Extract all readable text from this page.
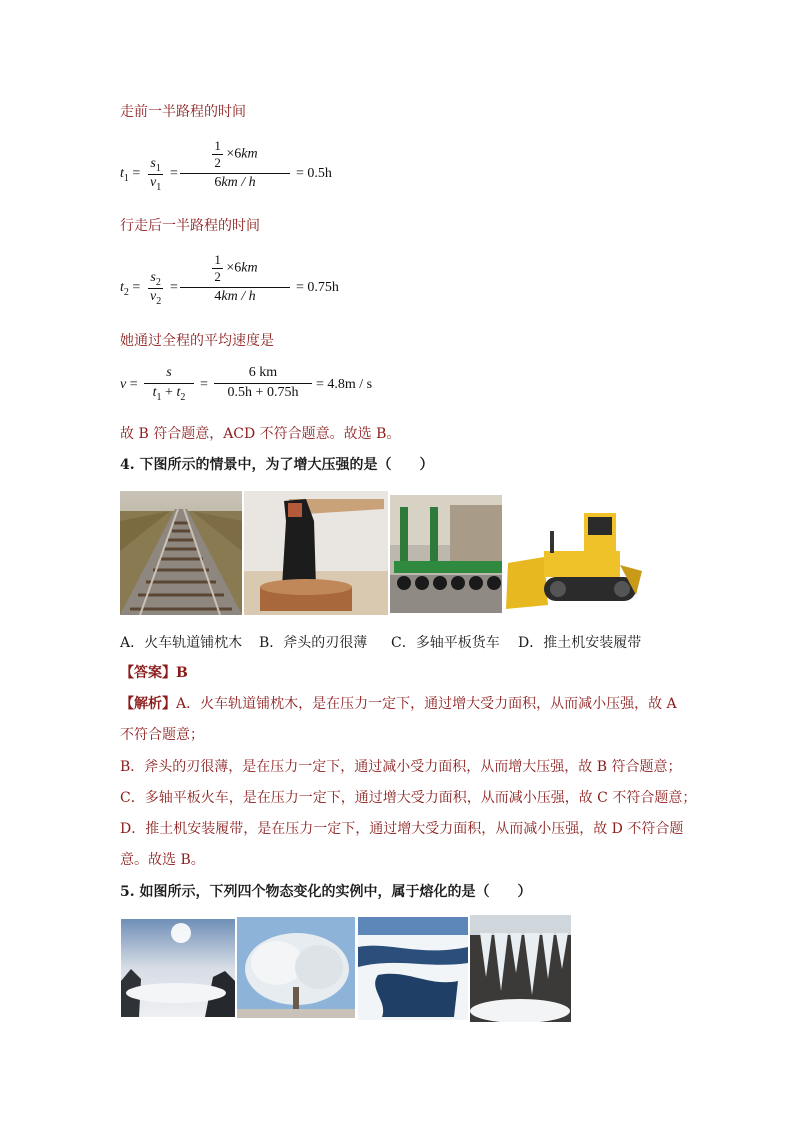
走前一半路程的时间
$t_1 = \frac{s_1}{v_1}$ =
$\frac{1}{2} \times 6km$
6km / h
= 0.5h
行走后一半路程的时间
$t_2 = \frac{s_2}{v_2}$ =
$\frac{1}{2} \times 6km$
4km / h
= 0.75h
她通过全程的平均速度是
v =
s
$t_1 + t_2$
=
6 km
0.5h + 0.75h
= 4.8m / s
故 B 符合题意，ACD 不符合题意。故选 B。
4. 下图所示的情景中，为了增大压强的是（　　）
A．火车轨道铺枕木 B．斧头的刃很薄 C．多轴平板货车 D．推土机安装履带
【答案】B
【解析】A．火车轨道铺枕木，是在压力一定下，通过增大受力面积，从而减小压强，故 A
不符合题意；
B．斧头的刃很薄，是在压力一定下，通过减小受力面积，从而增大压强，故 B 符合题意；
C．多轴平板火车，是在压力一定下，通过增大受力面积，从而减小压强，故 C 不符合题意；
D．推土机安装履带，是在压力一定下，通过增大受力面积，从而减小压强，故 D 不符合题
意。故选 B。
5. 如图所示，下列四个物态变化的实例中，属于熔化的是（　　）
